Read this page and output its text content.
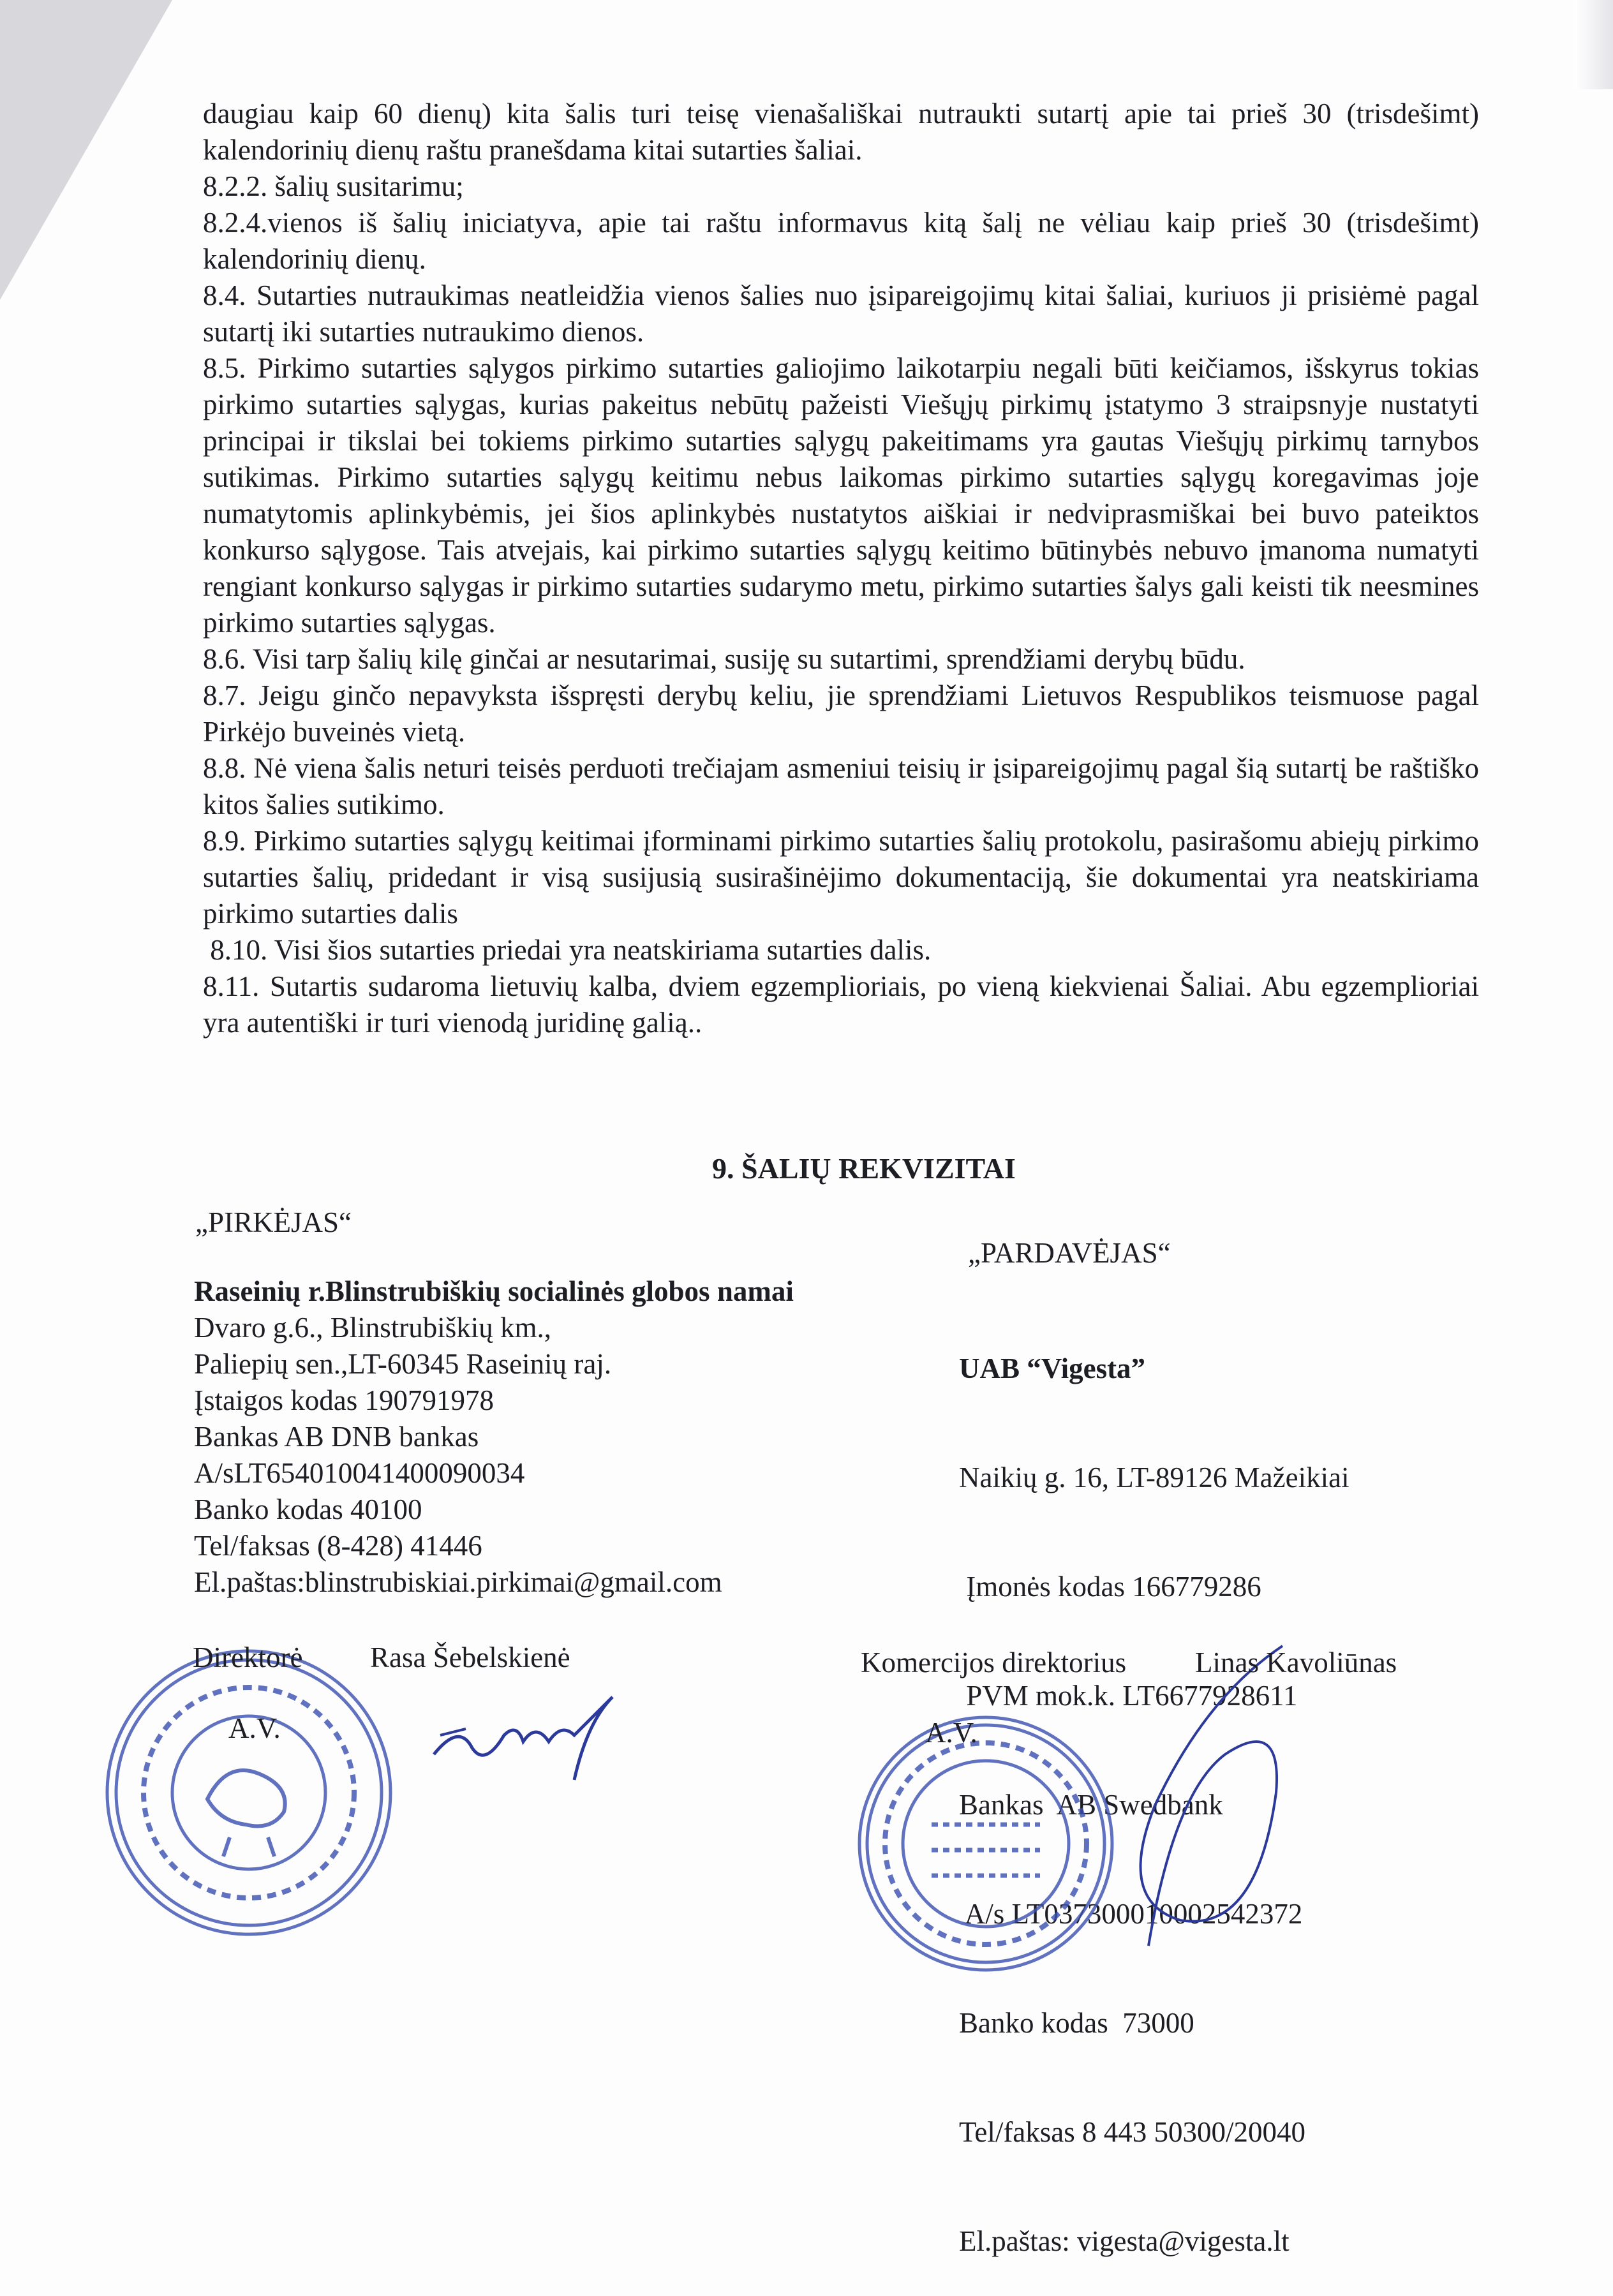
daugiau kaip 60 dienų) kita šalis turi teisę vienašališkai nutraukti sutartį apie tai prieš 30 (trisdešimt) kalendorinių dienų raštu pranešdama kitai sutarties šaliai.

8.2.2. šalių susitarimu;

8.2.4.vienos iš šalių iniciatyva, apie tai raštu informavus kitą šalį ne vėliau kaip prieš 30 (trisdešimt) kalendorinių dienų.

8.4. Sutarties nutraukimas neatleidžia vienos šalies nuo įsipareigojimų kitai šaliai, kuriuos ji prisiėmė pagal sutartį iki sutarties nutraukimo dienos.

8.5. Pirkimo sutarties sąlygos pirkimo sutarties galiojimo laikotarpiu negali būti keičiamos, išskyrus tokias pirkimo sutarties sąlygas, kurias pakeitus nebūtų pažeisti Viešųjų pirkimų įstatymo 3 straipsnyje nustatyti principai ir tikslai bei tokiems pirkimo sutarties sąlygų pakeitimams yra gautas Viešųjų pirkimų tarnybos sutikimas. Pirkimo sutarties sąlygų keitimu nebus laikomas pirkimo sutarties sąlygų koregavimas joje numatytomis aplinkybėmis, jei šios aplinkybės nustatytos aiškiai ir nedviprasmiškai bei buvo pateiktos konkurso sąlygose. Tais atvejais, kai pirkimo sutarties sąlygų keitimo būtinybės nebuvo įmanoma numatyti rengiant konkurso sąlygas ir pirkimo sutarties sudarymo metu, pirkimo sutarties šalys gali keisti tik neesmines pirkimo sutarties sąlygas.

8.6. Visi tarp šalių kilę ginčai ar nesutarimai, susiję su sutartimi, sprendžiami derybų būdu.

8.7. Jeigu ginčo nepavyksta išspręsti derybų keliu, jie sprendžiami Lietuvos Respublikos teismuose pagal Pirkėjo buveinės vietą.

8.8. Nė viena šalis neturi teisės perduoti trečiajam asmeniui teisių ir įsipareigojimų pagal šią sutartį be raštiško kitos šalies sutikimo.

8.9. Pirkimo sutarties sąlygų keitimai įforminami pirkimo sutarties šalių protokolu, pasirašomu abiejų pirkimo sutarties šalių, pridedant ir visą susijusią susirašinėjimo dokumentaciją, šie dokumentai yra neatskiriama pirkimo sutarties dalis

8.10. Visi šios sutarties priedai yra neatskiriama sutarties dalis.

8.11. Sutartis sudaroma lietuvių kalba, dviem egzemplioriais, po vieną kiekvienai Šaliai. Abu egzemplioriai yra autentiški ir turi vienodą juridinę galią..

9. ŠALIŲ REKVIZITAI
„PIRKĖJAS“
„PARDAVĖJAS“
Raseinių r.Blinstrubiškių socialinės globos namai
Dvaro g.6., Blinstrubiškių km.,
Paliepių sen.,LT-60345 Raseinių raj.
Įstaigos kodas 190791978
Bankas AB DNB bankas
A/sLT654010041400090034
Banko kodas 40100
Tel/faksas (8-428) 41446
El.paštas:blinstrubiskiai.pirkimai@gmail.com

UAB “Vigesta”

Naikių g. 16, LT-89126 Mažeikiai

Įmonės kodas 166779286

PVM mok.k. LT6677928611

Bankas  AB Swedbank

A/s LT037300010002542372

Banko kodas  73000

Tel/faksas 8 443 50300/20040

El.paštas: vigesta@vigesta.lt

Direktorė Rasa Šebelskienė	Komercijos direktorius Linas Kavoliūnas
A.V.	A.V.
